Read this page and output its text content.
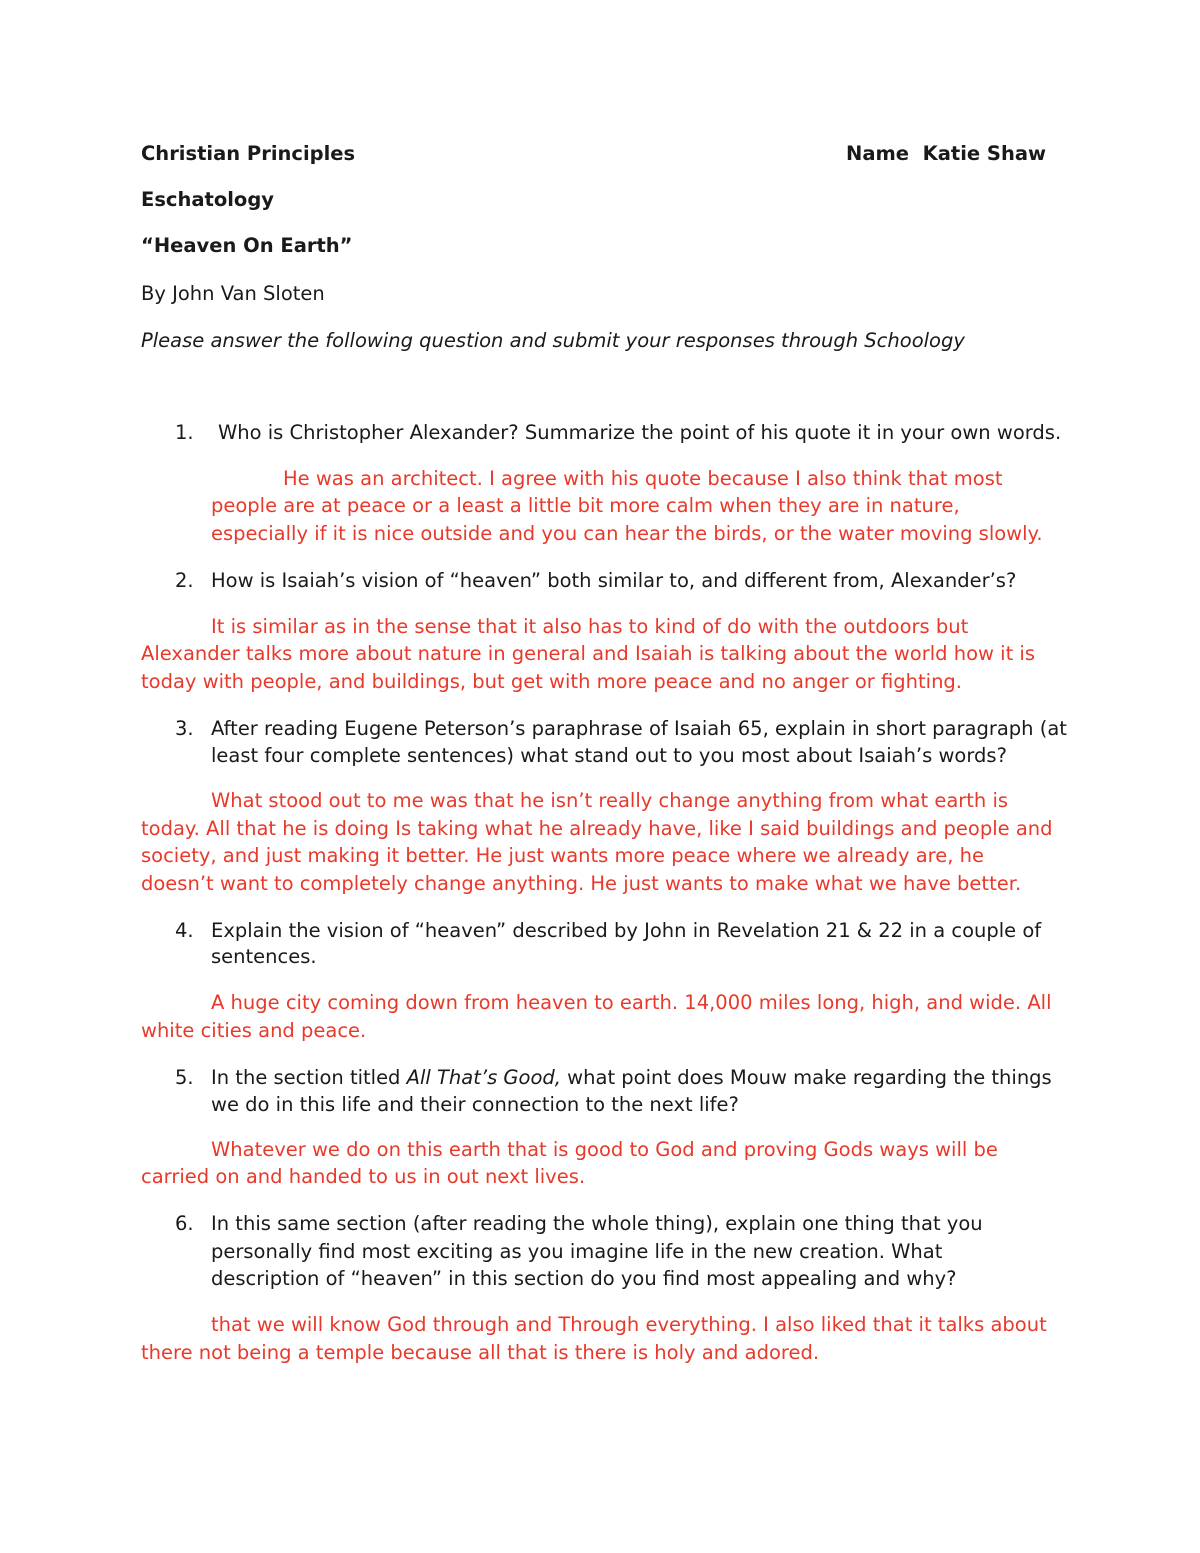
Christian Principles	Name Katie Shaw
Eschatology
“Heaven On Earth”
By John Van Sloten
Please answer the following question and submit your responses through Schoology
1. Who is Christopher Alexander? Summarize the point of his quote it in your own words.
He was an architect. I agree with his quote because I also think that most
people are at peace or a least a little bit more calm when they are in nature,
especially if it is nice outside and you can hear the birds, or the water moving slowly.
2. How is Isaiah’s vision of “heaven” both similar to, and different from, Alexander’s?
It is similar as in the sense that it also has to kind of do with the outdoors but
Alexander talks more about nature in general and Isaiah is talking about the world how it is
today with people, and buildings, but get with more peace and no anger or fighting.
3. After reading Eugene Peterson’s paraphrase of Isaiah 65, explain in short paragraph (at
least four complete sentences) what stand out to you most about Isaiah’s words?
What stood out to me was that he isn’t really change anything from what earth is
today. All that he is doing Is taking what he already have, like I said buildings and people and
society, and just making it better. He just wants more peace where we already are, he
doesn’t want to completely change anything. He just wants to make what we have better.
4. Explain the vision of “heaven” described by John in Revelation 21 & 22 in a couple of
sentences.
A huge city coming down from heaven to earth. 14,000 miles long, high, and wide. All
white cities and peace.
5. In the section titled All That’s Good, what point does Mouw make regarding the things
we do in this life and their connection to the next life?
Whatever we do on this earth that is good to God and proving Gods ways will be
carried on and handed to us in out next lives.
6. In this same section (after reading the whole thing), explain one thing that you
personally find most exciting as you imagine life in the new creation. What
description of “heaven” in this section do you find most appealing and why?
that we will know God through and Through everything. I also liked that it talks about
there not being a temple because all that is there is holy and adored.
